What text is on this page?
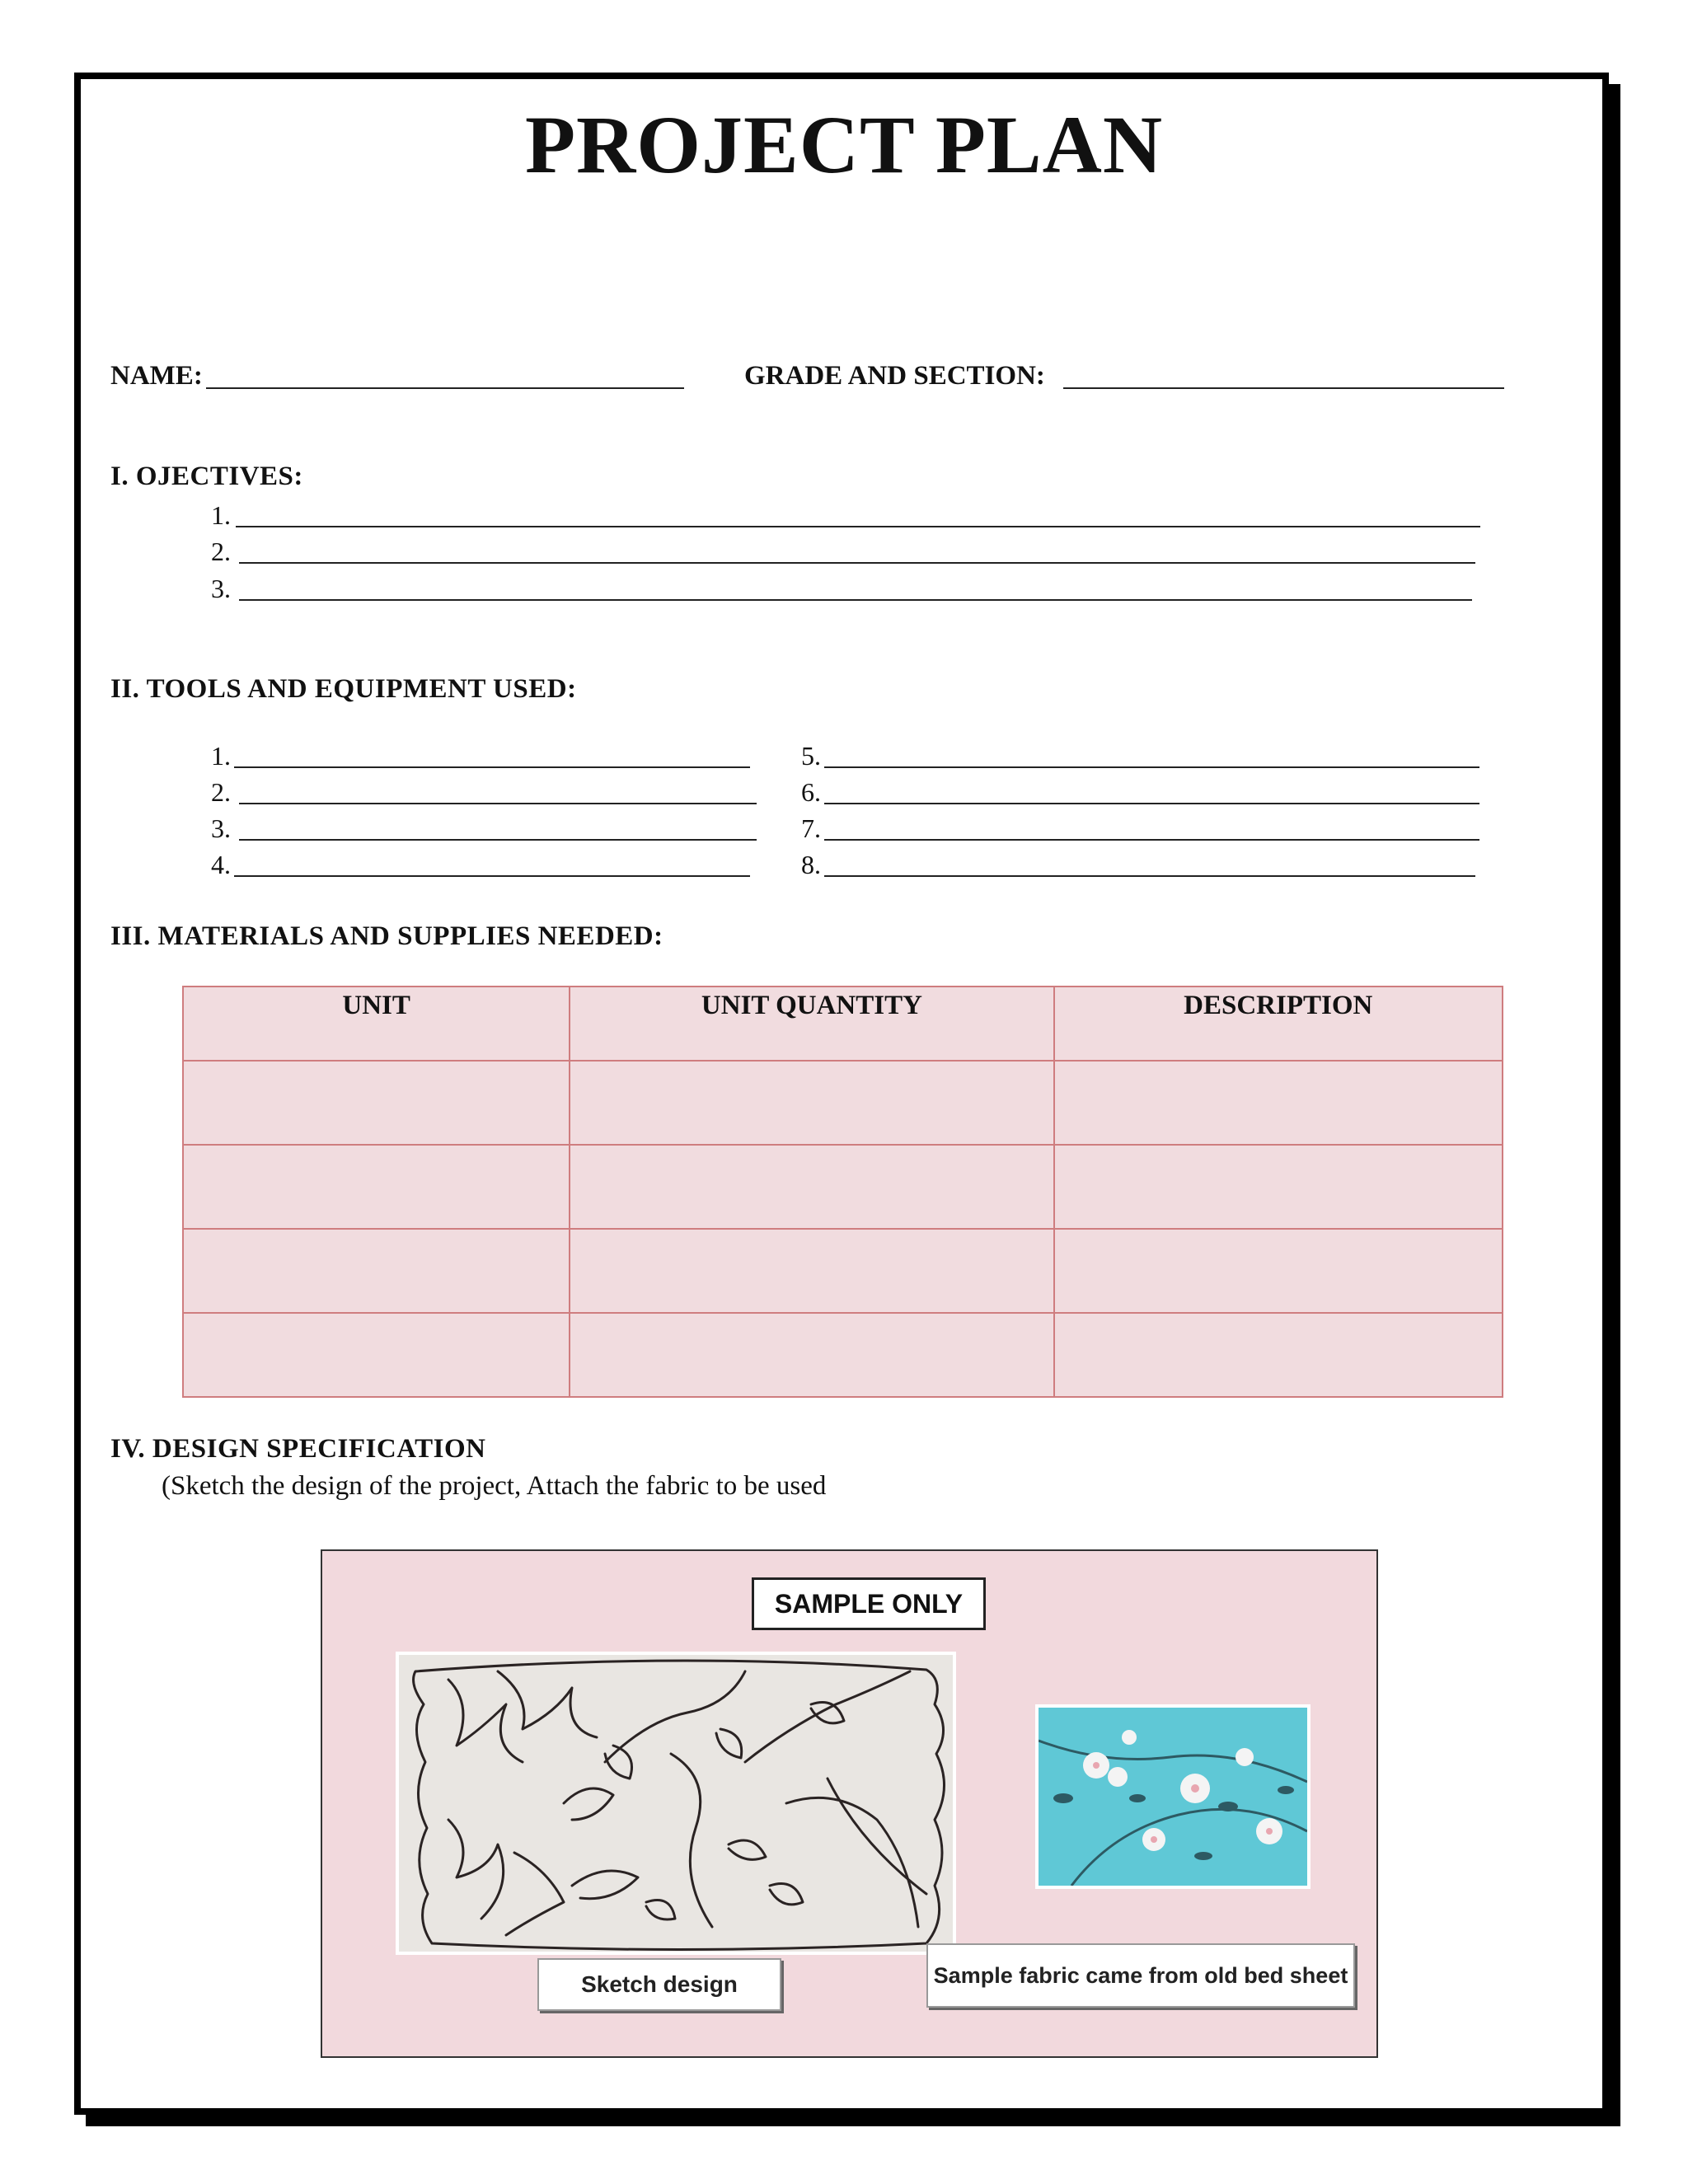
PROJECT PLAN
NAME:	GRADE AND SECTION:
I. OJECTIVES:
1.
2.
3.
II. TOOLS AND EQUIPMENT USED:
1.
2.
3.
4.
5.
6.
7.
8.
III. MATERIALS AND SUPPLIES NEEDED:
UNIT	UNIT QUANTITY	DESCRIPTION

IV. DESIGN SPECIFICATION
(Sketch the design of the project, Attach the fabric to be used
SAMPLE ONLY
Sketch design	Sample fabric came from old bed sheet
